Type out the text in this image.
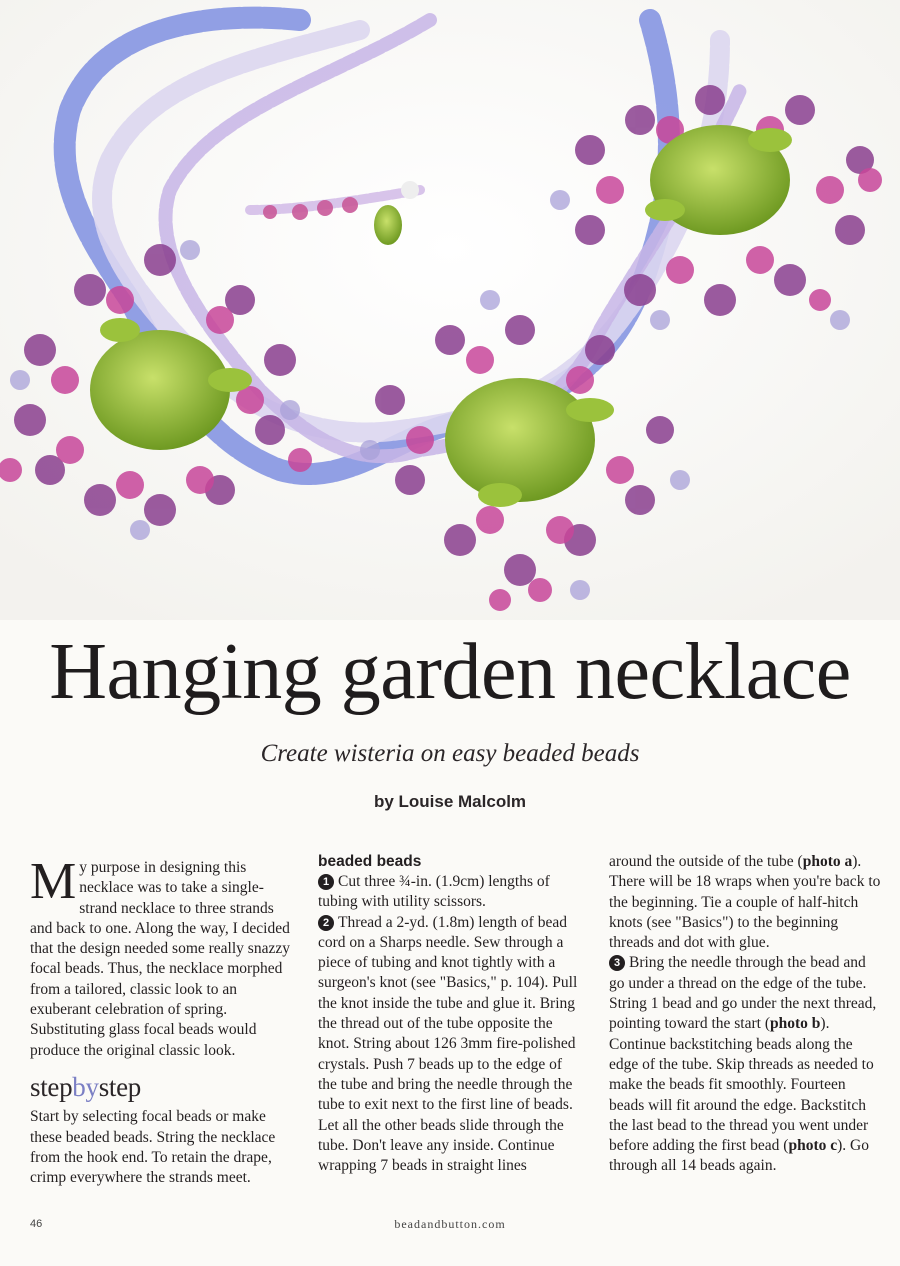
Hanging garden necklace
Create wisteria on easy beaded beads
by Louise Malcolm

My purpose in designing this necklace was to take a single-strand necklace to three strands and back to one. Along the way, I decided that the design needed some really snazzy focal beads. Thus, the necklace morphed from a tailored, classic look to an exuberant celebration of spring. Substituting glass focal beads would produce the original classic look.

stepbystep

Start by selecting focal beads or make these beaded beads. String the necklace from the hook end. To retain the drape, crimp everywhere the strands meet.

beaded beads

1 Cut three ¾-in. (1.9cm) lengths of tubing with utility scissors.

2 Thread a 2-yd. (1.8m) length of bead cord on a Sharps needle. Sew through a piece of tubing and knot tightly with a surgeon's knot (see "Basics," p. 104). Pull the knot inside the tube and glue it. Bring the thread out of the tube opposite the knot. String about 126 3mm fire-polished crystals. Push 7 beads up to the edge of the tube and bring the needle through the tube to exit next to the first line of beads. Let all the other beads slide through the tube. Don't leave any inside. Continue wrapping 7 beads in straight lines

around the outside of the tube (photo a). There will be 18 wraps when you're back to the beginning. Tie a couple of half-hitch knots (see "Basics") to the beginning threads and dot with glue.

3 Bring the needle through the bead and go under a thread on the edge of the tube. String 1 bead and go under the next thread, pointing toward the start (photo b). Continue backstitching beads along the edge of the tube. Skip threads as needed to make the beads fit smoothly. Fourteen beads will fit around the edge. Backstitch the last bead to the thread you went under before adding the first bead (photo c). Go through all 14 beads again.

46	beadandbutton.com
